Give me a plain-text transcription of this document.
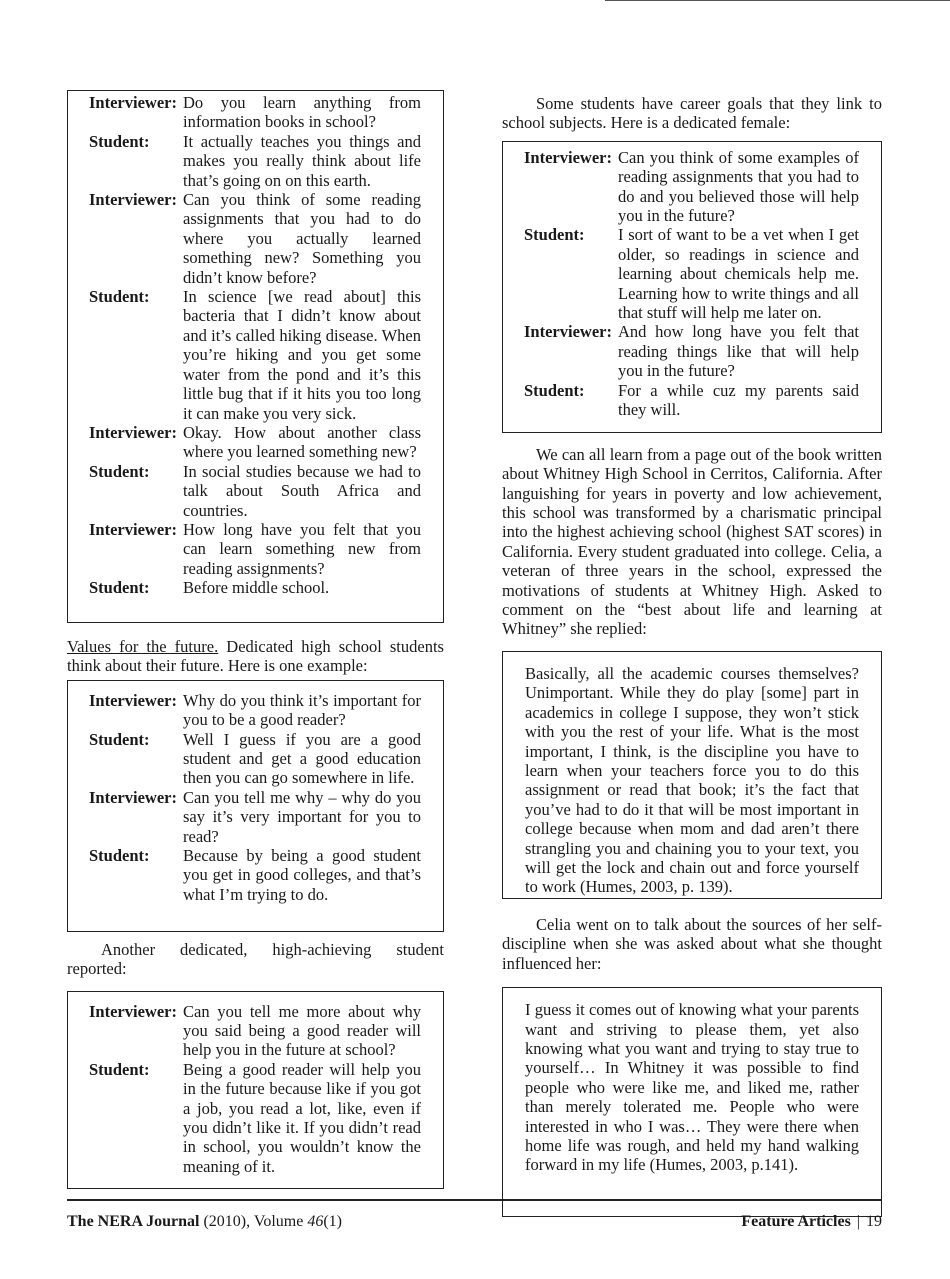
Interviewer: Do you learn anything from information books in school?
Student:	It actually teaches you things and makes you really think about life that’s going on on this earth.
Interviewer: Can you think of some reading assignments that you had to do where you actually learned something new? Something you didn’t know before?
Student:	In science [we read about] this bacteria that I didn’t know about and it’s called hiking disease. When you’re hiking and you get some water from the pond and it’s this little bug that if it hits you too long it can make you very sick.
Interviewer: Okay. How about another class where you learned something new?
Student:	In social studies because we had to talk about South Africa and countries.
Interviewer: How long have you felt that you can learn something new from reading assignments?
Student:	Before middle school.

Values for the future. Dedicated high school students think about their future. Here is one example:

Interviewer: Why do you think it’s important for you to be a good reader?
Student:	Well I guess if you are a good student and get a good education then you can go somewhere in life.
Interviewer: Can you tell me why – why do you say it’s very important for you to read?
Student:	Because by being a good student you get in good colleges, and that’s what I’m trying to do.

Another dedicated, high-achieving student reported:

Interviewer: Can you tell me more about why you said being a good reader will help you in the future at school?
Student:	Being a good reader will help you in the future because like if you got a job, you read a lot, like, even if you didn’t like it. If you didn’t read in school, you wouldn’t know the meaning of it.

Some students have career goals that they link to school subjects. Here is a dedicated female:

Interviewer: Can you think of some examples of reading assignments that you had to do and you believed those will help you in the future?
Student:	I sort of want to be a vet when I get older, so readings in science and learning about chemicals help me. Learning how to write things and all that stuff will help me later on.
Interviewer: And how long have you felt that reading things like that will help you in the future?
Student:	For a while cuz my parents said they will.

We can all learn from a page out of the book written about Whitney High School in Cerritos, California. After languishing for years in poverty and low achievement, this school was transformed by a charismatic principal into the highest achieving school (highest SAT scores) in California. Every student graduated into college. Celia, a veteran of three years in the school, expressed the motivations of students at Whitney High. Asked to comment on the “best about life and learning at Whitney” she replied:

Basically, all the academic courses themselves? Unimportant. While they do play [some] part in academics in college I suppose, they won’t stick with you the rest of your life. What is the most important, I think, is the discipline you have to learn when your teachers force you to do this assignment or read that book; it’s the fact that you’ve had to do it that will be most important in college because when mom and dad aren’t there strangling you and chaining you to your text, you will get the lock and chain out and force yourself to work (Humes, 2003, p. 139).

Celia went on to talk about the sources of her self-discipline when she was asked about what she thought influenced her:

I guess it comes out of knowing what your parents want and striving to please them, yet also knowing what you want and trying to stay true to yourself… In Whitney it was possible to find people who were like me, and liked me, rather than merely tolerated me. People who were interested in who I was… They were there when home life was rough, and held my hand walking forward in my life (Humes, 2003, p.141).

The NERA Journal (2010), Volume 46(1)	Feature Articles | 19
